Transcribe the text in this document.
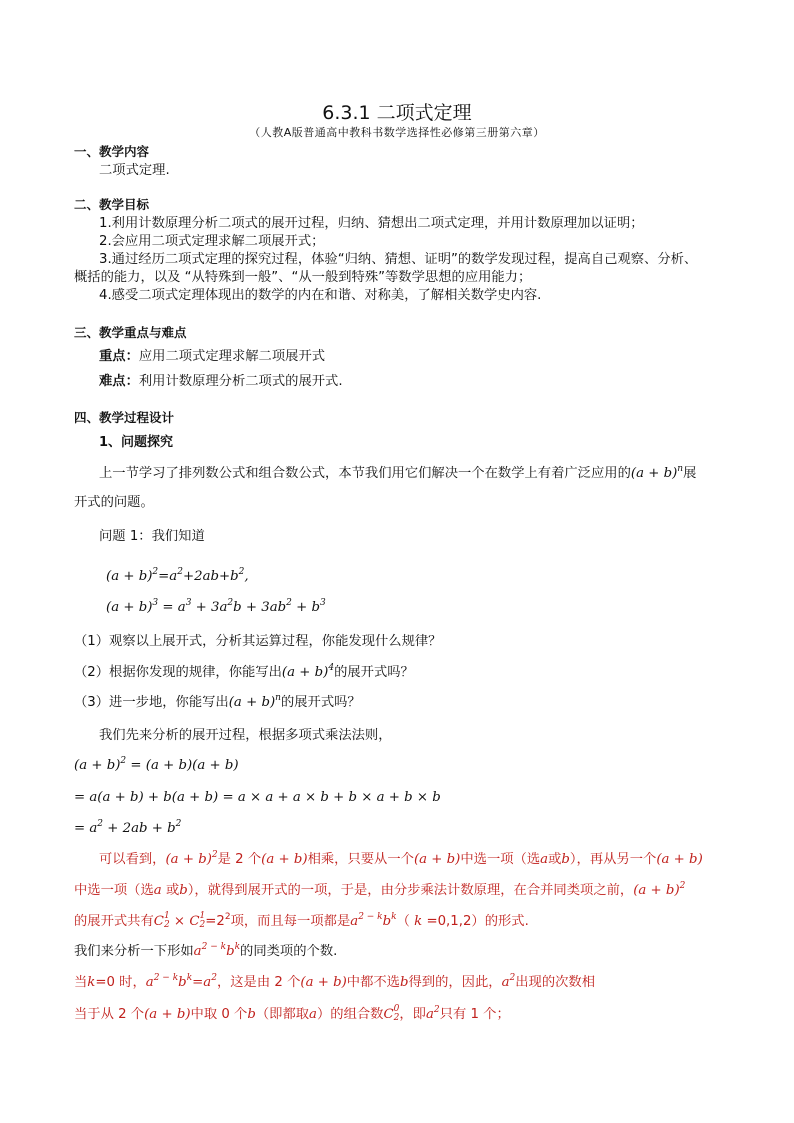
6.3.1 二项式定理
（人教A版普通高中教科书数学选择性必修第三册第六章）
一、教学内容
二项式定理.
二、教学目标
1.利用计数原理分析二项式的展开过程，归纳、猜想出二项式定理，并用计数原理加以证明；
2.会应用二项式定理求解二项展开式；
3.通过经历二项式定理的探究过程，体验“归纳、猜想、证明”的数学发现过程，提高自己观察、分析、
概括的能力，以及 “从特殊到一般”、“从一般到特殊”等数学思想的应用能力；
4.感受二项式定理体现出的数学的内在和谐、对称美，了解相关数学史内容.
三、教学重点与难点
重点：应用二项式定理求解二项展开式
难点：利用计数原理分析二项式的展开式.
四、教学过程设计
1、问题探究
上一节学习了排列数公式和组合数公式，本节我们用它们解决一个在数学上有着广泛应用的$(a + b)^n$展
开式的问题。
问题 1：我们知道
$(a + b)^2=a^2+2ab+b^2$,
$(a + b)^3 = a^3 + 3a^2b + 3ab^2 + b^3$
（1）观察以上展开式，分析其运算过程，你能发现什么规律？
（2）根据你发现的规律，你能写出$(a + b)^4$的展开式吗？
（3）进一步地，你能写出$(a + b)^n$的展开式吗？
我们先来分析的展开过程，根据多项式乘法法则，
$(a + b)^2 = (a + b)(a + b)$
= a(a + b) + b(a + b) = a × a + a × b + b × a + b × b
= $a^2 + 2ab + b^2$
可以看到，$(a + b)^2$是 2 个(a + b)相乘，只要从一个(a + b)中选一项（选a或b），再从另一个(a + b)
中选一项（选a 或b），就得到展开式的一项，于是，由分步乘法计数原理，在合并同类项之前，$(a + b)^2$
的展开式共有C 1
2 × C 1
$2 =2^2$项，而且每一项都是$a^{2 - k}b^k$（ k =0,1,2）的形式.
我们来分析一下形如$a^{2 - k}b^k$的同类项的个数.
当k=0 时，$a^{2 - k}b^k=a^2$，这是由 2 个(a + b)中都不选b得到的，因此，$a^2$出现的次数相
当于从 2 个(a + b)中取 0 个b（即都取a）的组合数C 0
2 ，即$a^2$只有 1 个；
